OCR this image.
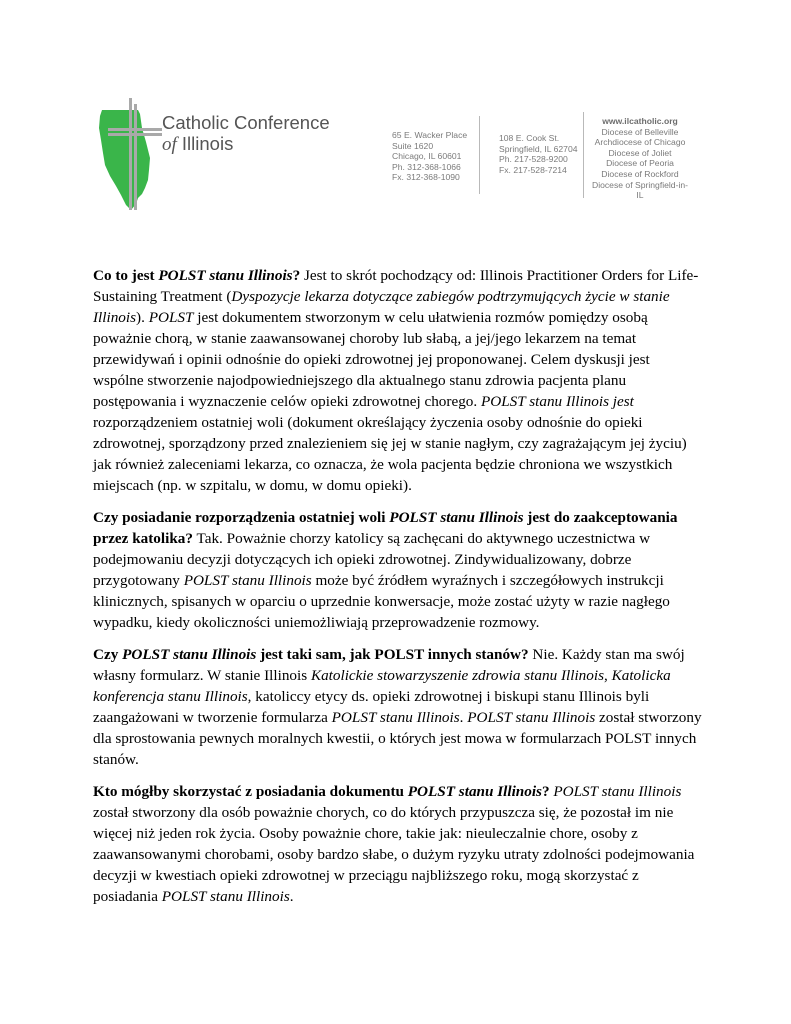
Catholic Conference
of Illinois	65 E. Wacker Place
Suite 1620
Chicago, IL 60601
Ph. 312-368-1066
Fx. 312-368-1090
108 E. Cook St.
Springfield, IL 62704
Ph. 217-528-9200
Fx. 217-528-7214
www.ilcatholic.org
Diocese of Belleville
Archdiocese of Chicago
Diocese of Joliet
Diocese of Peoria
Diocese of Rockford
Diocese of Springfield-in-IL

Co to jest POLST stanu Illinois? Jest to skrót pochodzący od: Illinois Practitioner Orders for Life-Sustaining Treatment (Dyspozycje lekarza dotyczące zabiegów podtrzymujących życie w stanie Illinois). POLST jest dokumentem stworzonym w celu ułatwienia rozmów pomiędzy osobą poważnie chorą, w stanie zaawansowanej choroby lub słabą, a jej/jego lekarzem na temat przewidywań i opinii odnośnie do opieki zdrowotnej jej proponowanej. Celem dyskusji jest wspólne stworzenie najodpowiedniejszego dla aktualnego stanu zdrowia pacjenta planu postępowania i wyznaczenie celów opieki zdrowotnej chorego. POLST stanu Illinois jest rozporządzeniem ostatniej woli (dokument określający życzenia osoby odnośnie do opieki zdrowotnej, sporządzony przed znalezieniem się jej w stanie nagłym, czy zagrażającym jej życiu) jak również zaleceniami lekarza, co oznacza, że wola pacjenta będzie chroniona we wszystkich miejscach (np. w szpitalu, w domu, w domu opieki).

Czy posiadanie rozporządzenia ostatniej woli POLST stanu Illinois jest do zaakceptowania przez katolika? Tak. Poważnie chorzy katolicy są zachęcani do aktywnego uczestnictwa w podejmowaniu decyzji dotyczących ich opieki zdrowotnej. Zindywidualizowany, dobrze przygotowany POLST stanu Illinois może być źródłem wyraźnych i szczegółowych instrukcji klinicznych, spisanych w oparciu o uprzednie konwersacje, może zostać użyty w razie nagłego wypadku, kiedy okoliczności uniemożliwiają przeprowadzenie rozmowy.

Czy POLST stanu Illinois jest taki sam, jak POLST innych stanów? Nie. Każdy stan ma swój własny formularz. W stanie Illinois Katolickie stowarzyszenie zdrowia stanu Illinois, Katolicka konferencja stanu Illinois, katoliccy etycy ds. opieki zdrowotnej i biskupi stanu Illinois byli zaangażowani w tworzenie formularza POLST stanu Illinois. POLST stanu Illinois został stworzony dla sprostowania pewnych moralnych kwestii, o których jest mowa w formularzach POLST innych stanów.

Kto mógłby skorzystać z posiadania dokumentu POLST stanu Illinois? POLST stanu Illinois został stworzony dla osób poważnie chorych, co do których przypuszcza się, że pozostał im nie więcej niż jeden rok życia. Osoby poważnie chore, takie jak: nieuleczalnie chore, osoby z zaawansowanymi chorobami, osoby bardzo słabe, o dużym ryzyku utraty zdolności podejmowania decyzji w kwestiach opieki zdrowotnej w przeciągu najbliższego roku, mogą skorzystać z posiadania POLST stanu Illinois.
